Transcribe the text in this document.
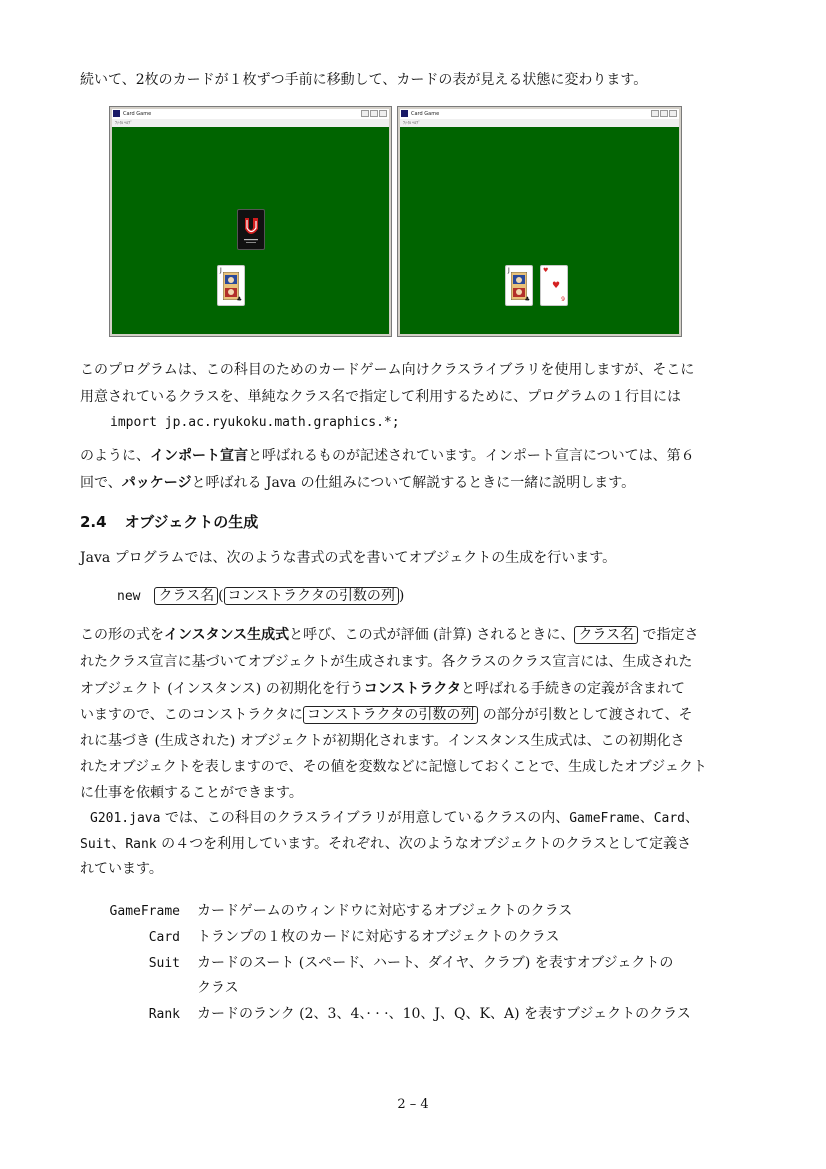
続いて、2枚のカードが１枚ずつ手前に移動して、カードの表が見える状態に変わります。
Card Game
ﾌｧｲﾙ ﾍﾙﾌﾟ
J
♣
Card Game
ﾌｧｲﾙ ﾍﾙﾌﾟ
J
♣
♥
♥
9
このプログラムは、この科目のためのカードゲーム向けクラスライブラリを使用しますが、そこに
用意されているクラスを、単純なクラス名で指定して利用するために、プログラムの１行目には
import jp.ac.ryukoku.math.graphics.*;
のように、インポート宣言と呼ばれるものが記述されています。インポート宣言については、第６
回で、パッケージと呼ばれる Java の仕組みについて解説するときに一緒に説明します。
2.4 オブジェクトの生成
Java プログラムでは、次のような書式の式を書いてオブジェクトの生成を行います。
new クラス名 ( コンストラクタの引数の列 )
この形の式をインスタンス生成式と呼び、この式が評価 (計算) されるときに、 クラス名 で指定さ
れたクラス宣言に基づいてオブジェクトが生成されます。各クラスのクラス宣言には、生成された
オブジェクト (インスタンス) の初期化を行うコンストラクタと呼ばれる手続きの定義が含まれて
いますので、このコンストラクタに コンストラクタの引数の列 の部分が引数として渡されて、そ
れに基づき (生成された) オブジェクトが初期化されます。インスタンス生成式は、この初期化さ
れたオブジェクトを表しますので、その値を変数などに記憶しておくことで、生成したオブジェクト
に仕事を依頼することができます。
G201.java では、この科目のクラスライブラリが用意しているクラスの内、GameFrame、Card、
Suit、Rank の４つを利用しています。それぞれ、次のようなオブジェクトのクラスとして定義さ
れています。
GameFrame カードゲームのウィンドウに対応するオブジェクトのクラス
Card トランプの１枚のカードに対応するオブジェクトのクラス
Suit カードのスート (スペード、ハート、ダイヤ、クラブ) を表すオブジェクトの
クラス
Rank カードのランク (2、3、4、· · ·、10、J、Q、K、A) を表すブジェクトのクラス
2 – 4
